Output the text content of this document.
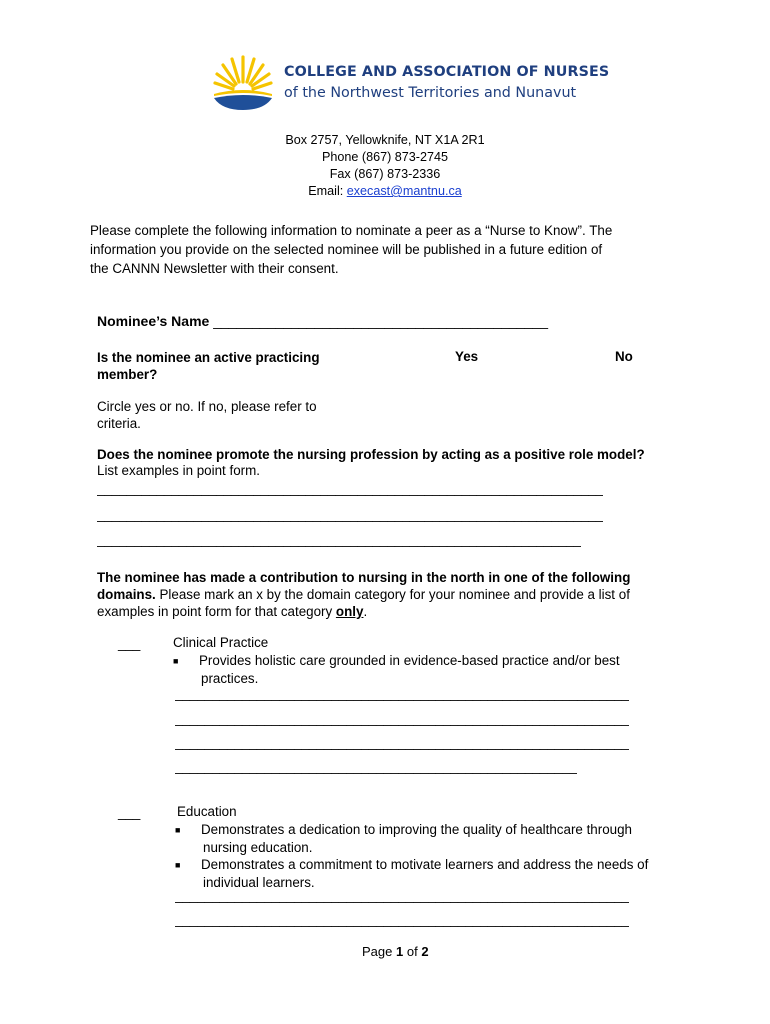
COLLEGE AND ASSOCIATION OF NURSES
of the Northwest Territories and Nunavut
Box 2757, Yellowknife, NT X1A 2R1
Phone (867) 873-2745
Fax (867) 873-2336
Email: execast@mantnu.ca
Please complete the following information to nominate a peer as a “Nurse to Know”. The
information you provide on the selected nominee will be published in a future edition of
the CANNN Newsletter with their consent.
Nominee’s Name ___________________________________________
Is the nominee an active practicing
member?
Yes	No
Circle yes or no. If no, please refer to
criteria.
Does the nominee promote the nursing profession by acting as a positive role model?
List examples in point form.
____________________________________________________________________
____________________________________________________________________
_________________________________________________________________
The nominee has made a contribution to nursing in the north in one of the following
domains. Please mark an x by the domain category for your nominee and provide a list of
examples in point form for that category only.
___ Clinical Practice
■ Provides holistic care grounded in evidence-based practice and/or best
practices.
_____________________________________________________________
_____________________________________________________________
_____________________________________________________________
______________________________________________________
___	Education
■ Demonstrates a dedication to improving the quality of healthcare through
nursing education.
■ Demonstrates a commitment to motivate learners and address the needs of
individual learners.
_____________________________________________________________
_____________________________________________________________
Page 1 of 2
